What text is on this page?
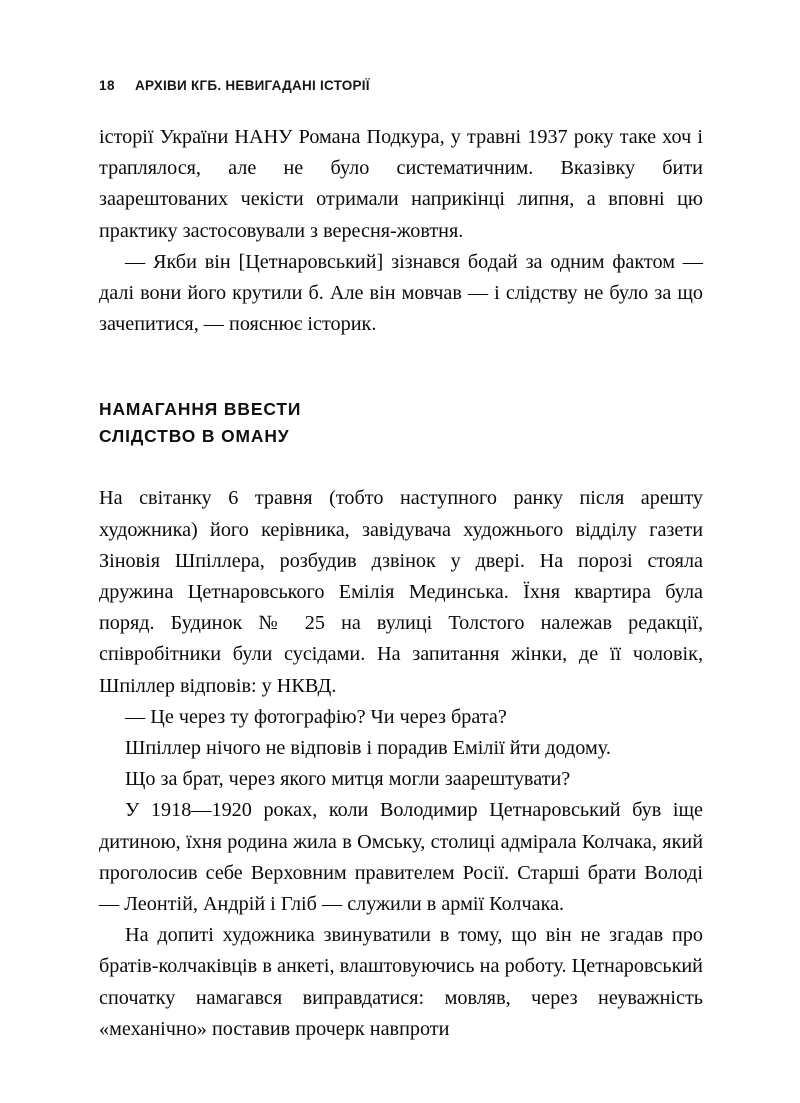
18 АРХІВИ КГБ. НЕВИГАДАНІ ІСТОРІЇ

історії України НАНУ Романа Подкура, у травні 1937 року таке хоч і траплялося, але не було систематичним. Вказівку бити заарештованих чекісти отримали наприкінці липня, а вповні цю практику застосовували з вересня-жовтня.

— Якби він [Цетнаровський] зізнався бодай за одним фактом — далі вони його крутили б. Але він мовчав — і слідству не було за що зачепитися, — пояснює історик.

НАМАГАННЯ ВВЕСТИ
СЛІДСТВО В ОМАНУ

На світанку 6 травня (тобто наступного ранку після арешту художника) його керівника, завідувача художнього відділу газети Зіновія Шпіллера, розбудив дзвінок у двері. На порозі стояла дружина Цетнаровського Емілія Мединська. Їхня квартира була поряд. Будинок № 25 на вулиці Толстого належав редакції, співробітники були сусідами. На запитання жінки, де її чоловік, Шпіллер відповів: у НКВД.

— Це через ту фотографію? Чи через брата?

Шпіллер нічого не відповів і порадив Емілії йти додому.

Що за брат, через якого митця могли заарештувати?

У 1918—1920 роках, коли Володимир Цетнаровський був іще дитиною, їхня родина жила в Омську, столиці адмірала Колчака, який проголосив себе Верховним правителем Росії. Старші брати Володі — Леонтій, Андрій і Гліб — служили в армії Колчака.

На допиті художника звинуватили в тому, що він не згадав про братів-колчаківців в анкеті, влаштовуючись на роботу. Цетнаровський спочатку намагався виправдатися: мовляв, через неуважність «механічно» поставив прочерк навпроти
